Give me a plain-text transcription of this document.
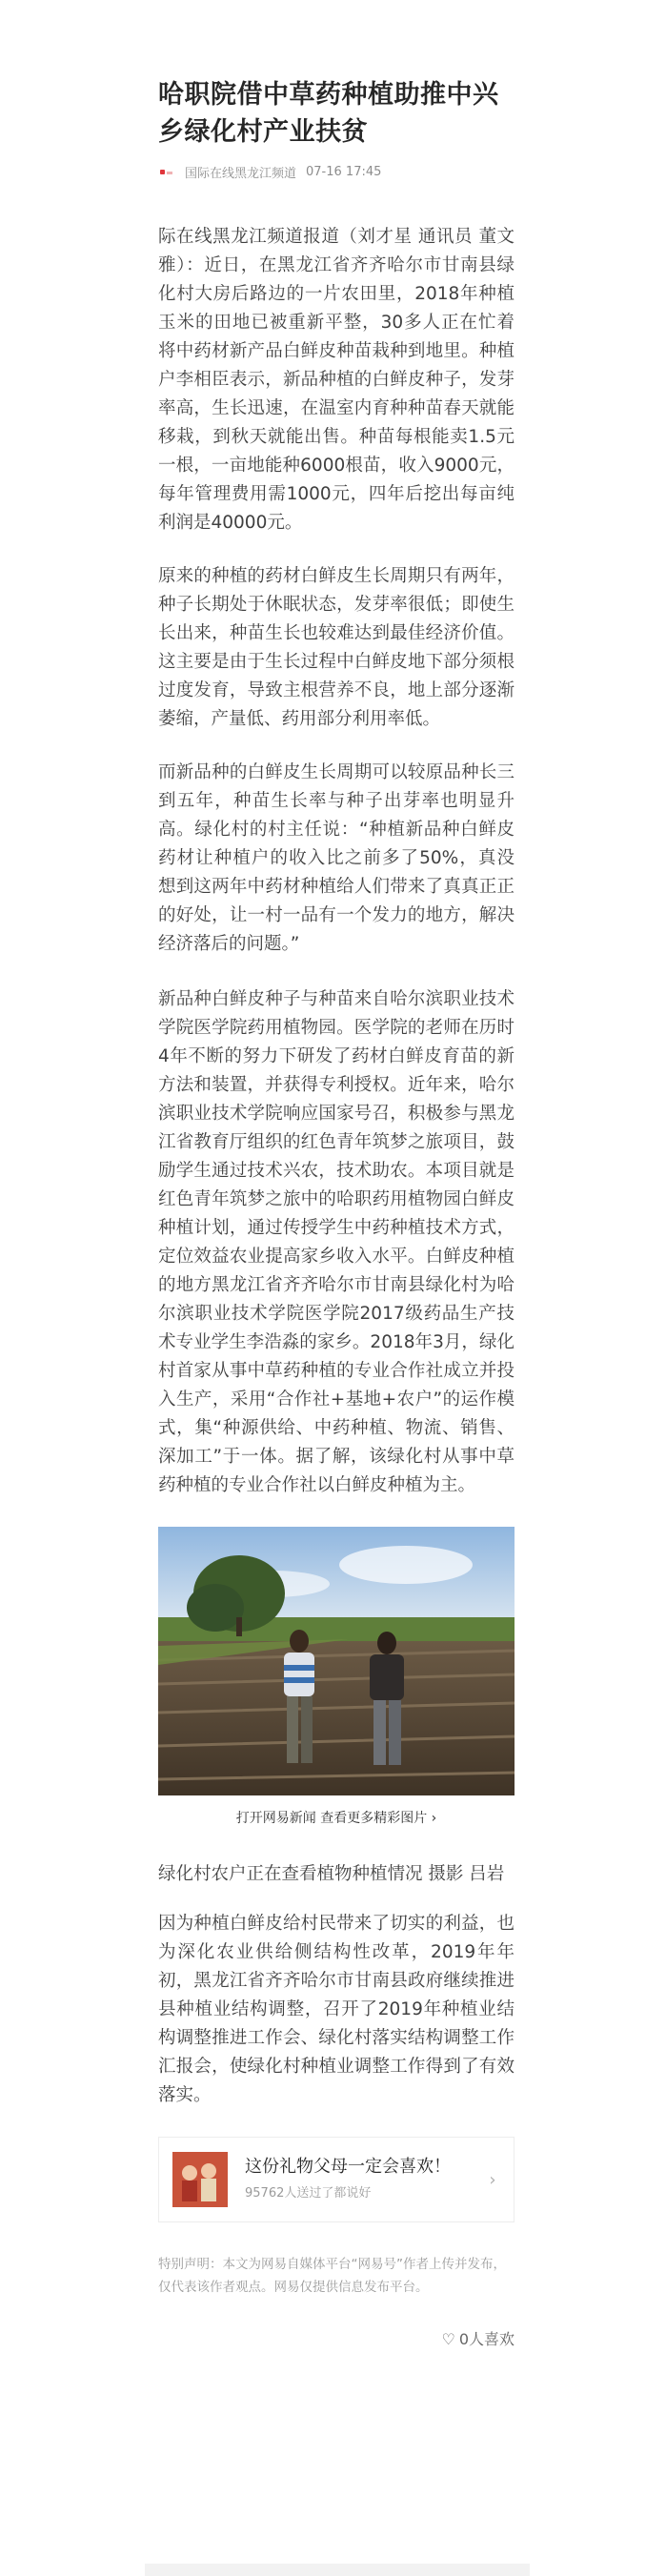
哈职院借中草药种植助推中兴乡绿化村产业扶贫
国际在线黑龙江频道 07-16 17:45

际在线黑龙江频道报道（刘才星 通讯员 董文雅）：近日，在黑龙江省齐齐哈尔市甘南县绿化村大房后路边的一片农田里，2018年种植玉米的田地已被重新平整，30多人正在忙着将中药材新产品白鲜皮种苗栽种到地里。种植户李相臣表示，新品种植的白鲜皮种子，发芽率高，生长迅速，在温室内育种种苗春天就能移栽，到秋天就能出售。种苗每根能卖1.5元一根，一亩地能种6000根苗，收入9000元，每年管理费用需1000元，四年后挖出每亩纯利润是40000元。

原来的种植的药材白鲜皮生长周期只有两年，种子长期处于休眠状态，发芽率很低；即使生长出来，种苗生长也较难达到最佳经济价值。这主要是由于生长过程中白鲜皮地下部分须根过度发育，导致主根营养不良，地上部分逐渐萎缩，产量低、药用部分利用率低。

而新品种的白鲜皮生长周期可以较原品种长三到五年，种苗生长率与种子出芽率也明显升高。绿化村的村主任说：“种植新品种白鲜皮药材让种植户的收入比之前多了50%，真没想到这两年中药材种植给人们带来了真真正正的好处，让一村一品有一个发力的地方，解决经济落后的问题。”

新品种白鲜皮种子与种苗来自哈尔滨职业技术学院医学院药用植物园。医学院的老师在历时4年不断的努力下研发了药材白鲜皮育苗的新方法和装置，并获得专利授权。近年来，哈尔滨职业技术学院响应国家号召，积极参与黑龙江省教育厅组织的红色青年筑梦之旅项目，鼓励学生通过技术兴农，技术助农。本项目就是红色青年筑梦之旅中的哈职药用植物园白鲜皮种植计划，通过传授学生中药种植技术方式，定位效益农业提高家乡收入水平。白鲜皮种植的地方黑龙江省齐齐哈尔市甘南县绿化村为哈尔滨职业技术学院医学院2017级药品生产技术专业学生李浩淼的家乡。2018年3月，绿化村首家从事中草药种植的专业合作社成立并投入生产，采用“合作社+基地+农户”的运作模式，集“种源供给、中药种植、物流、销售、深加工”于一体。据了解，该绿化村从事中草药种植的专业合作社以白鲜皮种植为主。

打开网易新闻 查看更多精彩图片 ›

绿化村农户正在查看植物种植情况 摄影 吕岩

因为种植白鲜皮给村民带来了切实的利益，也为深化农业供给侧结构性改革，2019年年初，黑龙江省齐齐哈尔市甘南县政府继续推进县种植业结构调整，召开了2019年种植业结构调整推进工作会、绿化村落实结构调整工作汇报会，使绿化村种植业调整工作得到了有效落实。

这份礼物父母一定会喜欢！
95762人送过了都说好
›
特别声明：本文为网易自媒体平台“网易号”作者上传并发布，仅代表该作者观点。网易仅提供信息发布平台。
♡ 0人喜欢
